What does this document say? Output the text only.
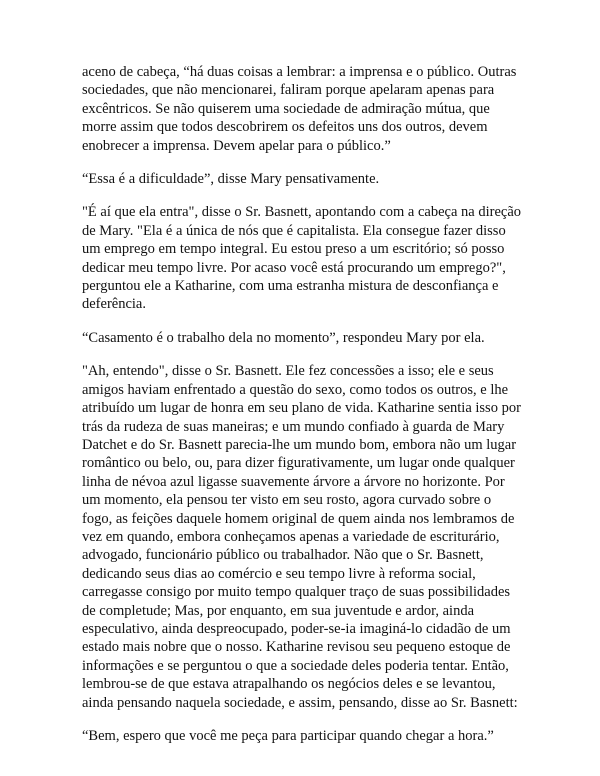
aceno de cabeça, “há duas coisas a lembrar: a imprensa e o público. Outras
sociedades, que não mencionarei, faliram porque apelaram apenas para
excêntricos. Se não quiserem uma sociedade de admiração mútua, que
morre assim que todos descobrirem os defeitos uns dos outros, devem
enobrecer a imprensa. Devem apelar para o público.”

“Essa é a dificuldade”, disse Mary pensativamente.

"É aí que ela entra", disse o Sr. Basnett, apontando com a cabeça na direção
de Mary. "Ela é a única de nós que é capitalista. Ela consegue fazer disso
um emprego em tempo integral. Eu estou preso a um escritório; só posso
dedicar meu tempo livre. Por acaso você está procurando um emprego?",
perguntou ele a Katharine, com uma estranha mistura de desconfiança e
deferência.

“Casamento é o trabalho dela no momento”, respondeu Mary por ela.

"Ah, entendo", disse o Sr. Basnett. Ele fez concessões a isso; ele e seus
amigos haviam enfrentado a questão do sexo, como todos os outros, e lhe
atribuído um lugar de honra em seu plano de vida. Katharine sentia isso por
trás da rudeza de suas maneiras; e um mundo confiado à guarda de Mary
Datchet e do Sr. Basnett parecia-lhe um mundo bom, embora não um lugar
romântico ou belo, ou, para dizer figurativamente, um lugar onde qualquer
linha de névoa azul ligasse suavemente árvore a árvore no horizonte. Por
um momento, ela pensou ter visto em seu rosto, agora curvado sobre o
fogo, as feições daquele homem original de quem ainda nos lembramos de
vez em quando, embora conheçamos apenas a variedade de escriturário,
advogado, funcionário público ou trabalhador. Não que o Sr. Basnett,
dedicando seus dias ao comércio e seu tempo livre à reforma social,
carregasse consigo por muito tempo qualquer traço de suas possibilidades
de completude; Mas, por enquanto, em sua juventude e ardor, ainda
especulativo, ainda despreocupado, poder-se-ia imaginá-lo cidadão de um
estado mais nobre que o nosso. Katharine revisou seu pequeno estoque de
informações e se perguntou o que a sociedade deles poderia tentar. Então,
lembrou-se de que estava atrapalhando os negócios deles e se levantou,
ainda pensando naquela sociedade, e assim, pensando, disse ao Sr. Basnett:

“Bem, espero que você me peça para participar quando chegar a hora.”
